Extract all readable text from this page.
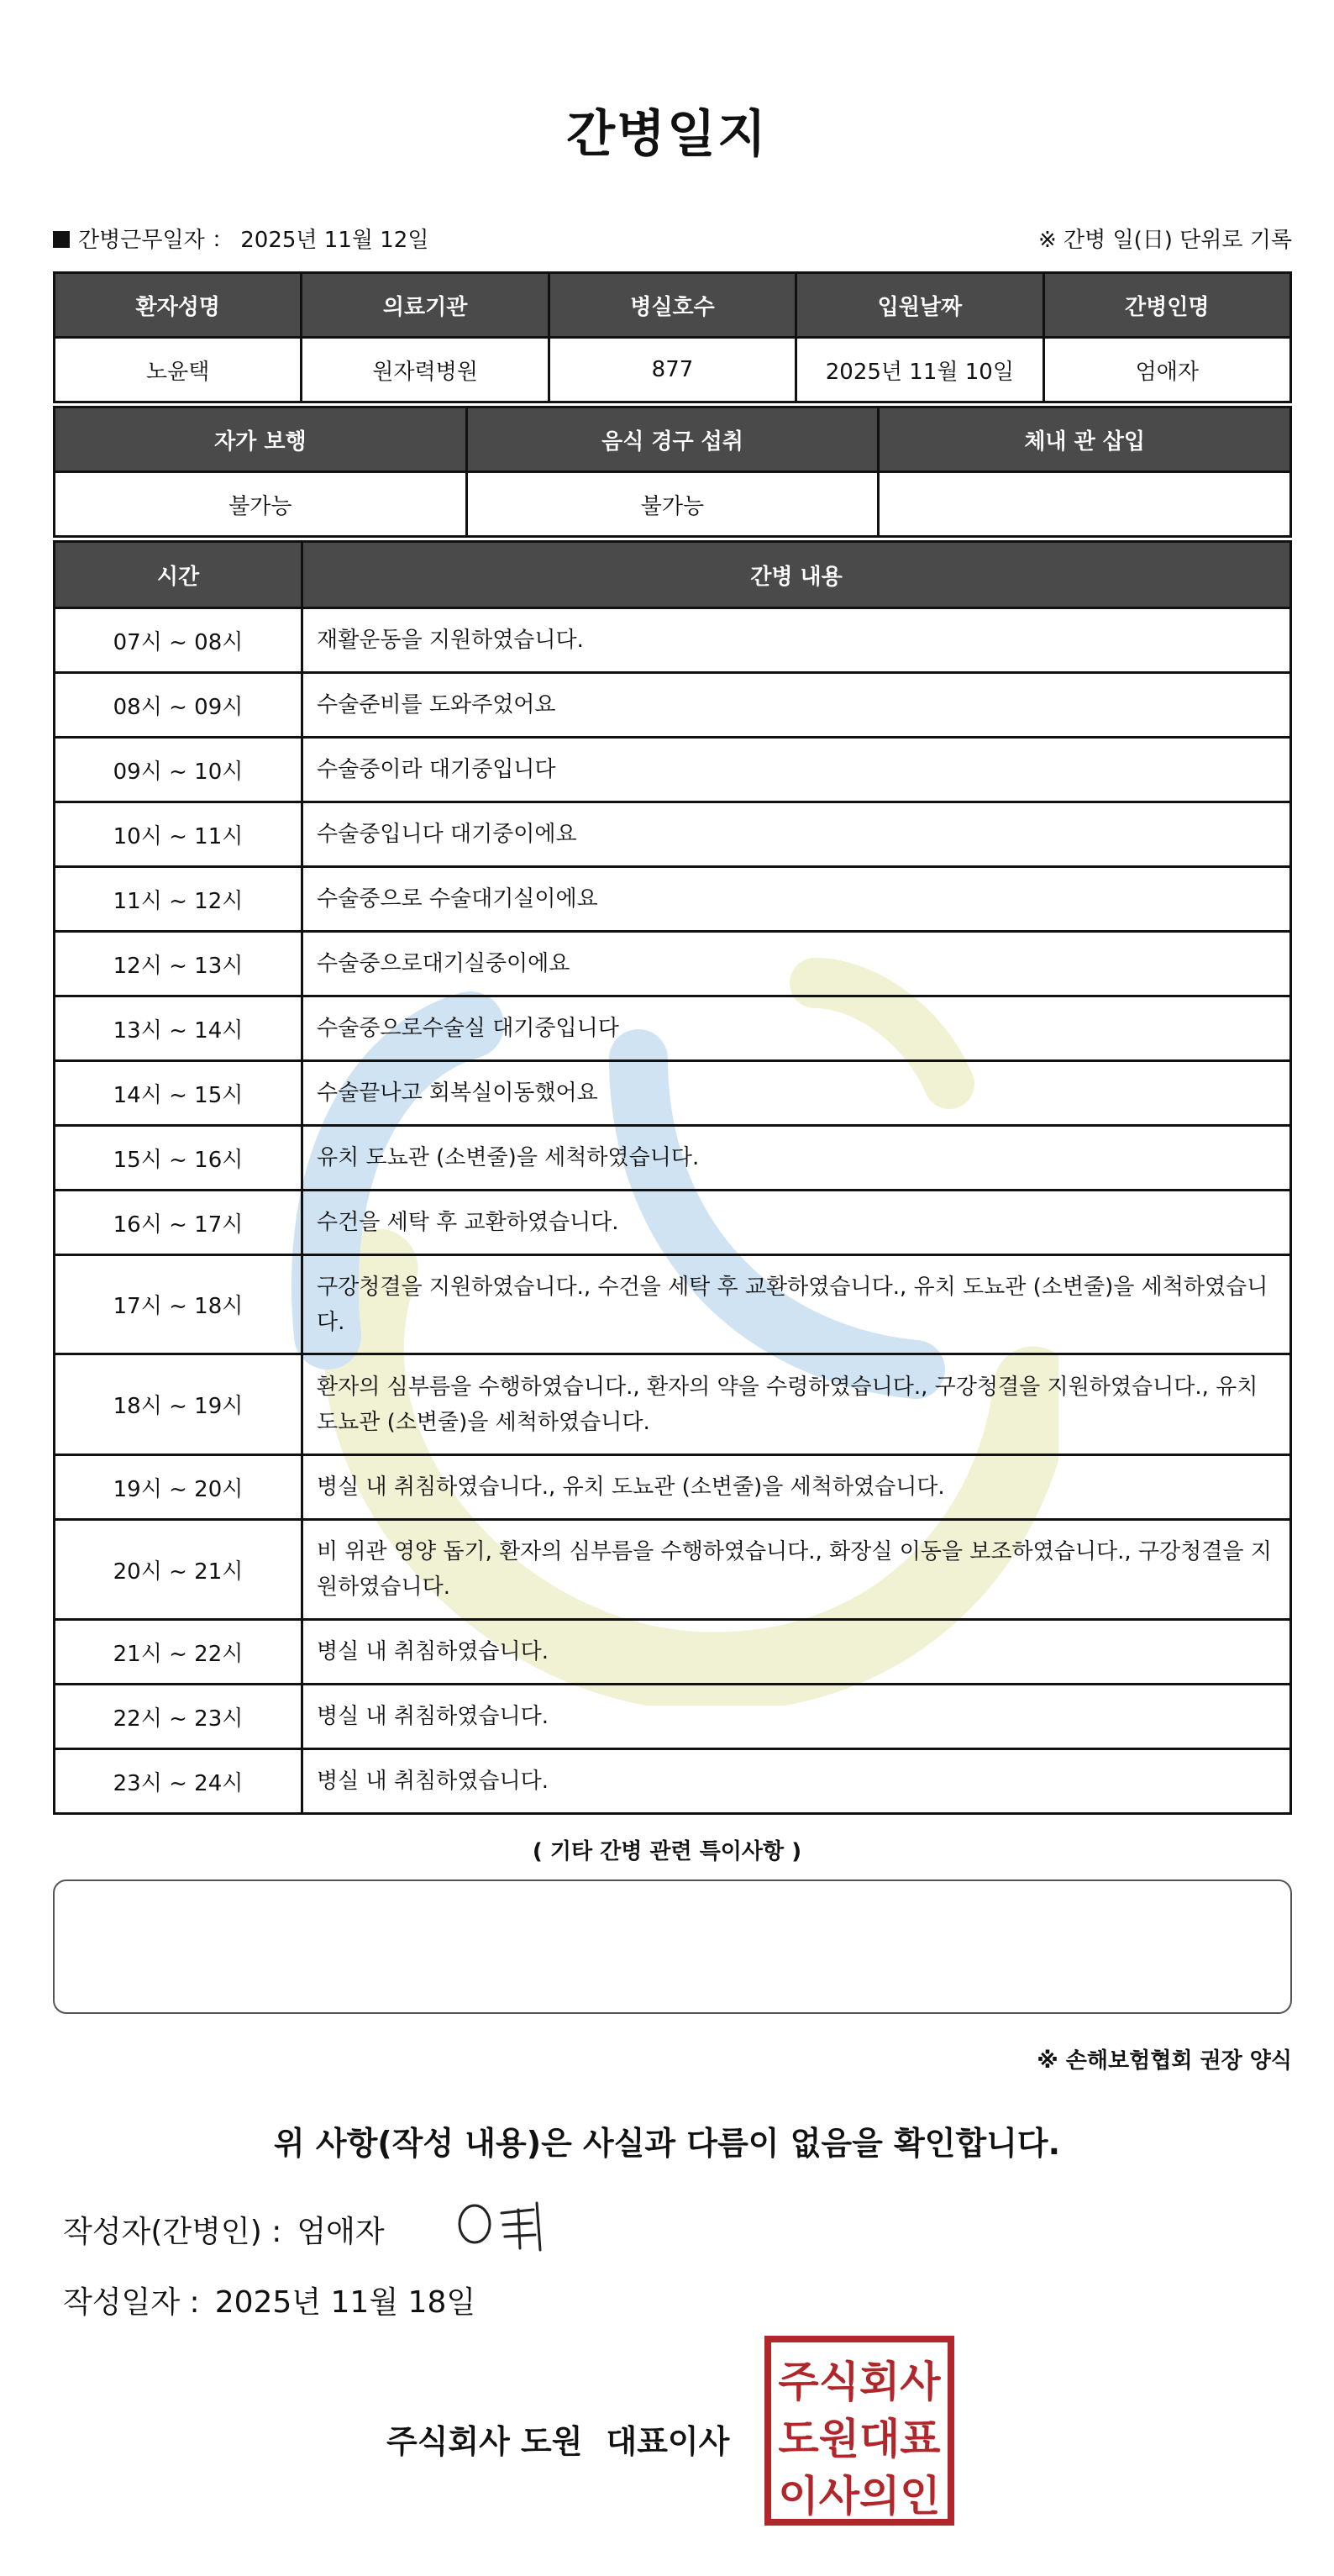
간병일지
간병근무일자 ： 2025년 11월 12일	※ 간병 일(日) 단위로 기록
환자성명	의료기관	병실호수	입원날짜	간병인명
노윤택	원자력병원	877	2025년 11월 10일	엄애자
자가 보행	음식 경구 섭취	체내 관 삽입
불가능	불가능	
시간	간병 내용
07시 ~ 08시	재활운동을 지원하였습니다.
08시 ~ 09시	수술준비를 도와주었어요
09시 ~ 10시	수술중이라 대기중입니다
10시 ~ 11시	수술중입니다 대기중이에요
11시 ~ 12시	수술중으로 수술대기실이에요
12시 ~ 13시	수술중으로대기실중이에요
13시 ~ 14시	수술중으로수술실 대기중입니다
14시 ~ 15시	수술끝나고 회복실이동했어요
15시 ~ 16시	유치 도뇨관 (소변줄)을 세척하였습니다.
16시 ~ 17시	수건을 세탁 후 교환하였습니다.
17시 ~ 18시	구강청결을 지원하였습니다., 수건을 세탁 후 교환하였습니다., 유치 도뇨관 (소변줄)을 세척하였습니다.
18시 ~ 19시	환자의 심부름을 수행하였습니다., 환자의 약을 수령하였습니다., 구강청결을 지원하였습니다., 유치 도뇨관 (소변줄)을 세척하였습니다.
19시 ~ 20시	병실 내 취침하였습니다., 유치 도뇨관 (소변줄)을 세척하였습니다.
20시 ~ 21시	비 위관 영양 돕기, 환자의 심부름을 수행하였습니다., 화장실 이동을 보조하였습니다., 구강청결을 지원하였습니다.
21시 ~ 22시	병실 내 취침하였습니다.
22시 ~ 23시	병실 내 취침하였습니다.
23시 ~ 24시	병실 내 취침하였습니다.
( 기타 간병 관련 특이사항 )
※ 손해보험협회 권장 양식
위 사항(작성 내용)은 사실과 다름이 없음을 확인합니다.
작성자(간병인) : 엄애자
작성일자 : 2025년 11월 18일
주식회사 도원 대표이사
주식회사
도원대표
이사의인
